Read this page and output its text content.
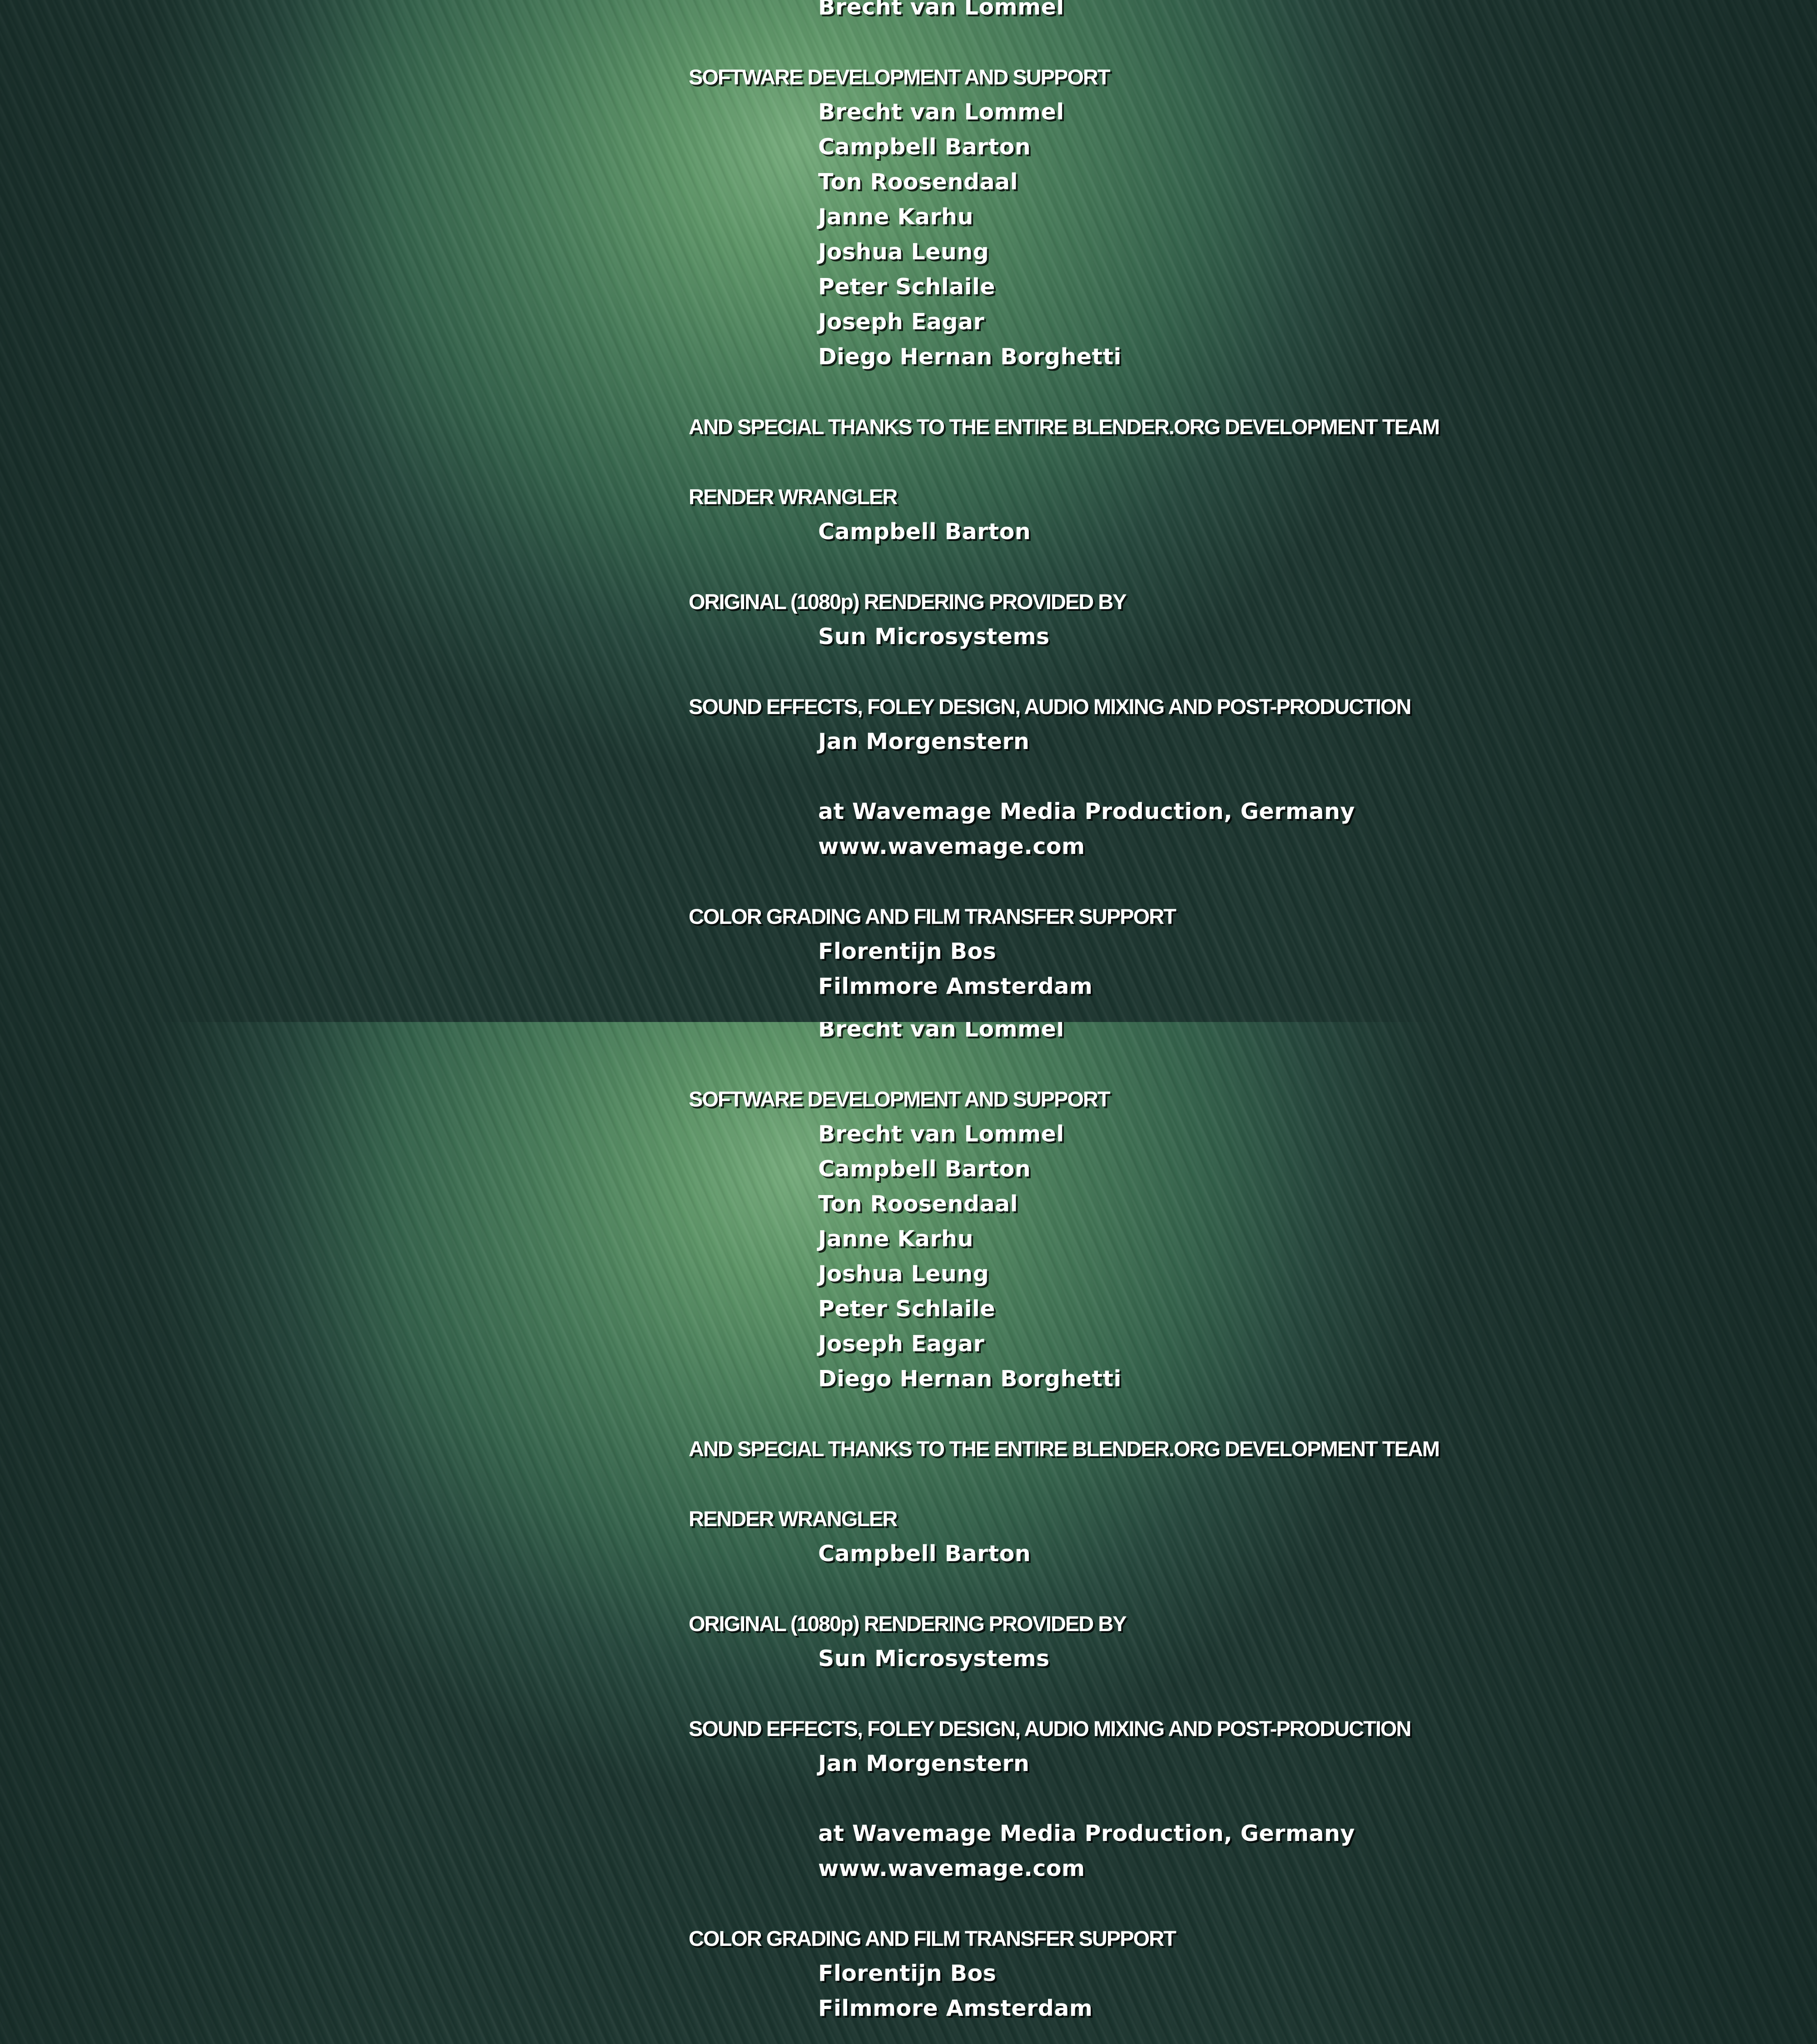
Brecht van Lommel
SOFTWARE DEVELOPMENT AND SUPPORT
Brecht van Lommel
Campbell Barton
Ton Roosendaal
Janne Karhu
Joshua Leung
Peter Schlaile
Joseph Eagar
Diego Hernan Borghetti
AND SPECIAL THANKS TO THE ENTIRE BLENDER.ORG DEVELOPMENT TEAM
RENDER WRANGLER
Campbell Barton
ORIGINAL (1080p) RENDERING PROVIDED BY
Sun Microsystems
SOUND EFFECTS, FOLEY DESIGN, AUDIO MIXING AND POST-PRODUCTION
Jan Morgenstern
at Wavemage Media Production, Germany
www.wavemage.com
COLOR GRADING AND FILM TRANSFER SUPPORT
Florentijn Bos
Filmmore Amsterdam
Brecht van Lommel
SOFTWARE DEVELOPMENT AND SUPPORT
Brecht van Lommel
Campbell Barton
Ton Roosendaal
Janne Karhu
Joshua Leung
Peter Schlaile
Joseph Eagar
Diego Hernan Borghetti
AND SPECIAL THANKS TO THE ENTIRE BLENDER.ORG DEVELOPMENT TEAM
RENDER WRANGLER
Campbell Barton
ORIGINAL (1080p) RENDERING PROVIDED BY
Sun Microsystems
SOUND EFFECTS, FOLEY DESIGN, AUDIO MIXING AND POST-PRODUCTION
Jan Morgenstern
at Wavemage Media Production, Germany
www.wavemage.com
COLOR GRADING AND FILM TRANSFER SUPPORT
Florentijn Bos
Filmmore Amsterdam
